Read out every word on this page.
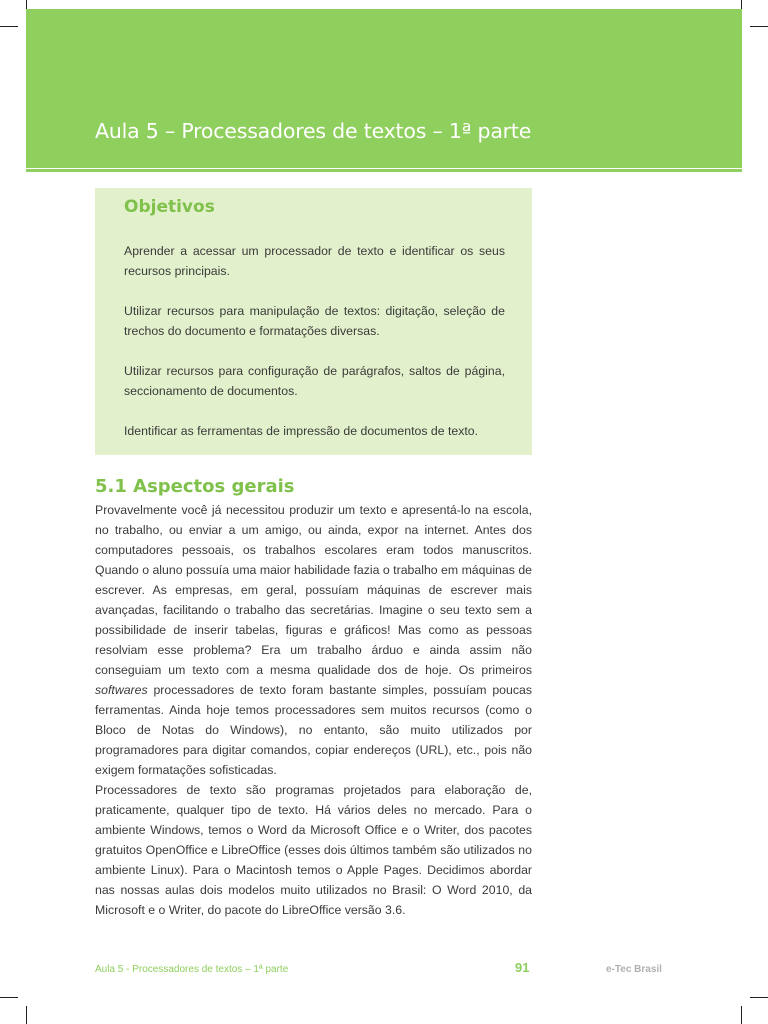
Aula 5 – Processadores de textos – 1ª parte
Objetivos

Aprender a acessar um processador de texto e identificar os seus recursos principais.

Utilizar recursos para manipulação de textos: digitação, seleção de trechos do documento e formatações diversas.

Utilizar recursos para configuração de parágrafos, saltos de página, seccionamento de documentos.

Identificar as ferramentas de impressão de documentos de texto.

5.1 Aspectos gerais

Provavelmente você já necessitou produzir um texto e apresentá-lo na escola, no trabalho, ou enviar a um amigo, ou ainda, expor na internet. Antes dos computadores pessoais, os trabalhos escolares eram todos manuscritos. Quando o aluno possuía uma maior habilidade fazia o trabalho em máquinas de escrever. As empresas, em geral, possuíam máquinas de escrever mais avançadas, facilitando o trabalho das secretárias. Imagine o seu texto sem a possibilidade de inserir tabelas, figuras e gráficos! Mas como as pessoas resolviam esse problema? Era um trabalho árduo e ainda assim não conseguiam um texto com a mesma qualidade dos de hoje. Os primeiros softwares processadores de texto foram bastante simples, possuíam poucas ferramentas. Ainda hoje temos processadores sem muitos recursos (como o Bloco de Notas do Windows), no entanto, são muito utilizados por programadores para digitar comandos, copiar endereços (URL), etc., pois não exigem formatações sofisticadas.

Processadores de texto são programas projetados para elaboração de, praticamente, qualquer tipo de texto. Há vários deles no mercado. Para o ambiente Windows, temos o Word da Microsoft Office e o Writer, dos pacotes gratuitos OpenOffice e LibreOffice (esses dois últimos também são utilizados no ambiente Linux). Para o Macintosh temos o Apple Pages. Decidimos abordar nas nossas aulas dois modelos muito utilizados no Brasil: O Word 2010, da Microsoft e o Writer, do pacote do LibreOffice versão 3.6.

Aula 5 - Processadores de textos – 1ª parte	91	e-Tec Brasil
